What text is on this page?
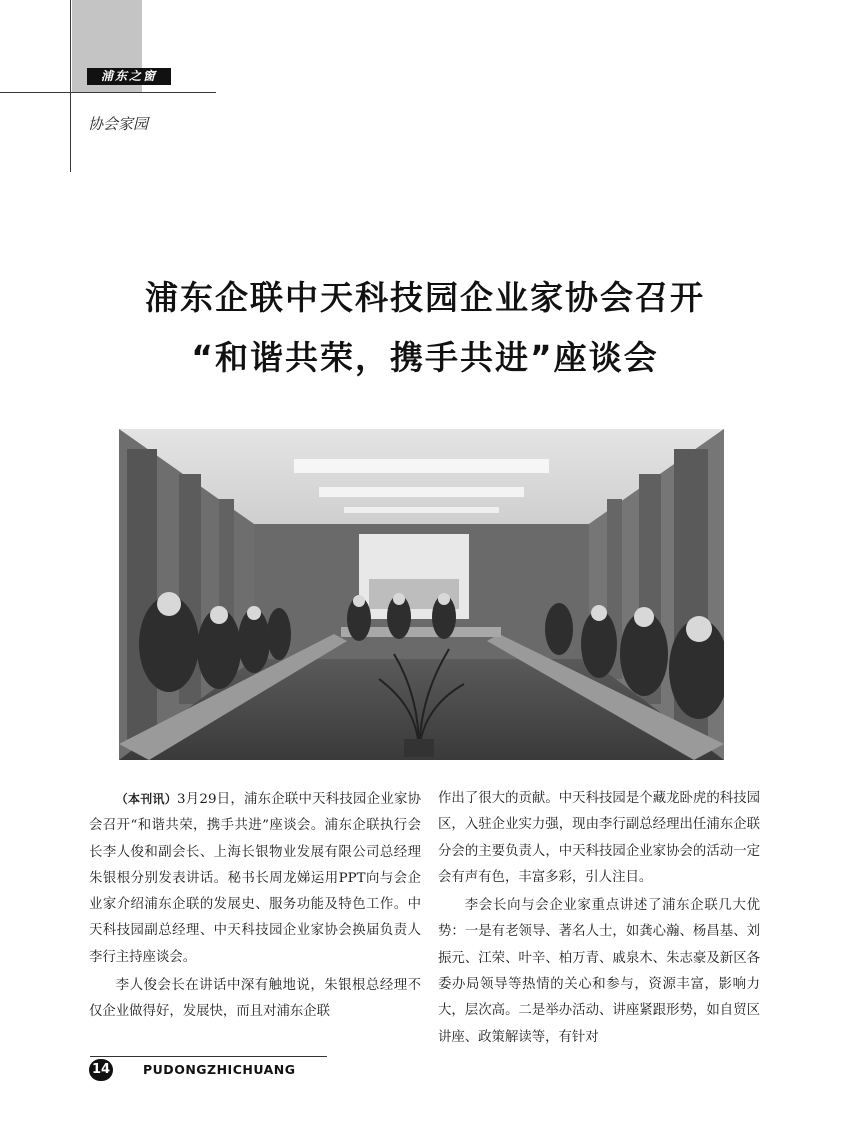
浦东之窗
协会家园
浦东企联中天科技园企业家协会召开
“和谐共荣，携手共进”座谈会

（本刊讯）3月29日，浦东企联中天科技园企业家协会召开“和谐共荣，携手共进”座谈会。浦东企联执行会长李人俊和副会长、上海长银物业发展有限公司总经理朱银根分别发表讲话。秘书长周龙娣运用PPT向与会企业家介绍浦东企联的发展史、服务功能及特色工作。中天科技园副总经理、中天科技园企业家协会换届负责人李行主持座谈会。

李人俊会长在讲话中深有触地说，朱银根总经理不仅企业做得好，发展快，而且对浦东企联

作出了很大的贡献。中天科技园是个藏龙卧虎的科技园区，入驻企业实力强，现由李行副总经理出任浦东企联分会的主要负责人，中天科技园企业家协会的活动一定会有声有色，丰富多彩，引人注目。

李会长向与会企业家重点讲述了浦东企联几大优势：一是有老领导、著名人士，如龚心瀚、杨昌基、刘振元、江荣、叶辛、柏万青、戚泉木、朱志豪及新区各委办局领导等热情的关心和参与，资源丰富，影响力大，层次高。二是举办活动、讲座紧跟形势，如自贸区讲座、政策解读等，有针对

14	PUDONGZHICHUANG
